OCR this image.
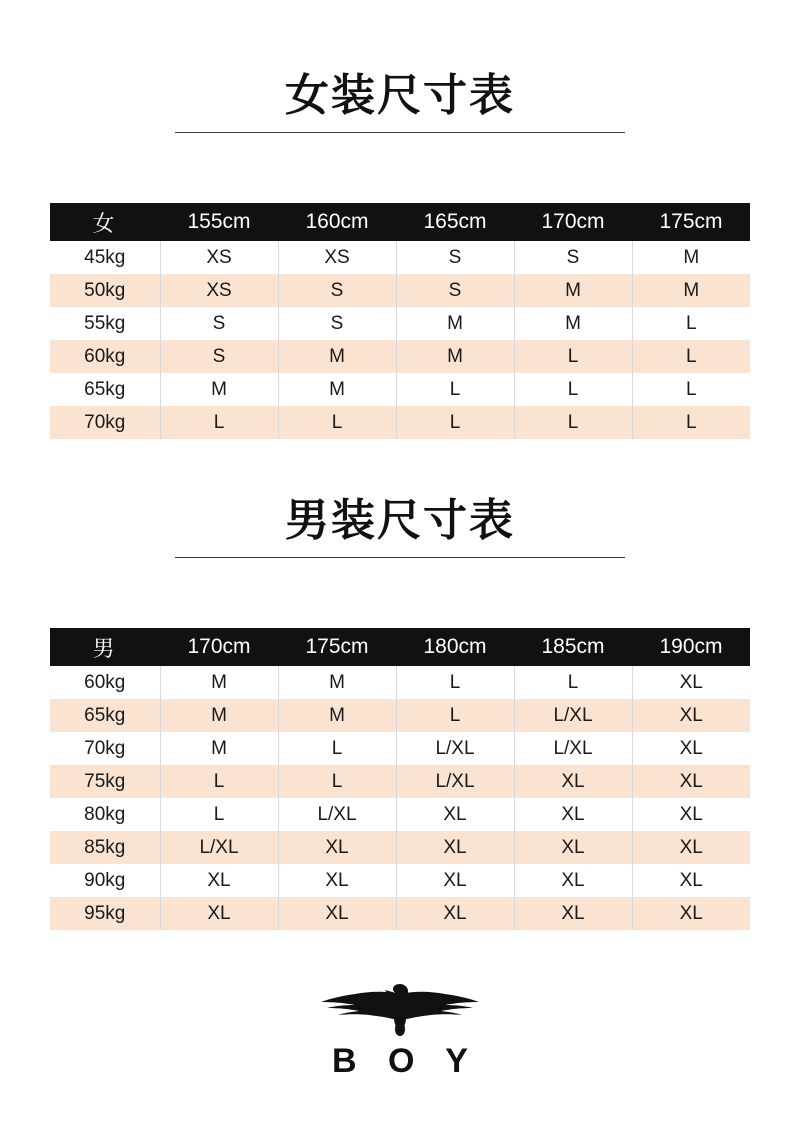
女装尺寸表
女	155cm	160cm	165cm	170cm	175cm
45kg	XS	XS	S	S	M
50kg	XS	S	S	M	M
55kg	S	S	M	M	L
60kg	S	M	M	L	L
65kg	M	M	L	L	L
70kg	L	L	L	L	L
男装尺寸表
男	170cm	175cm	180cm	185cm	190cm
60kg	M	M	L	L	XL
65kg	M	M	L	L/XL	XL
70kg	M	L	L/XL	L/XL	XL
75kg	L	L	L/XL	XL	XL
80kg	L	L/XL	XL	XL	XL
85kg	L/XL	XL	XL	XL	XL
90kg	XL	XL	XL	XL	XL
95kg	XL	XL	XL	XL	XL
B O Y
